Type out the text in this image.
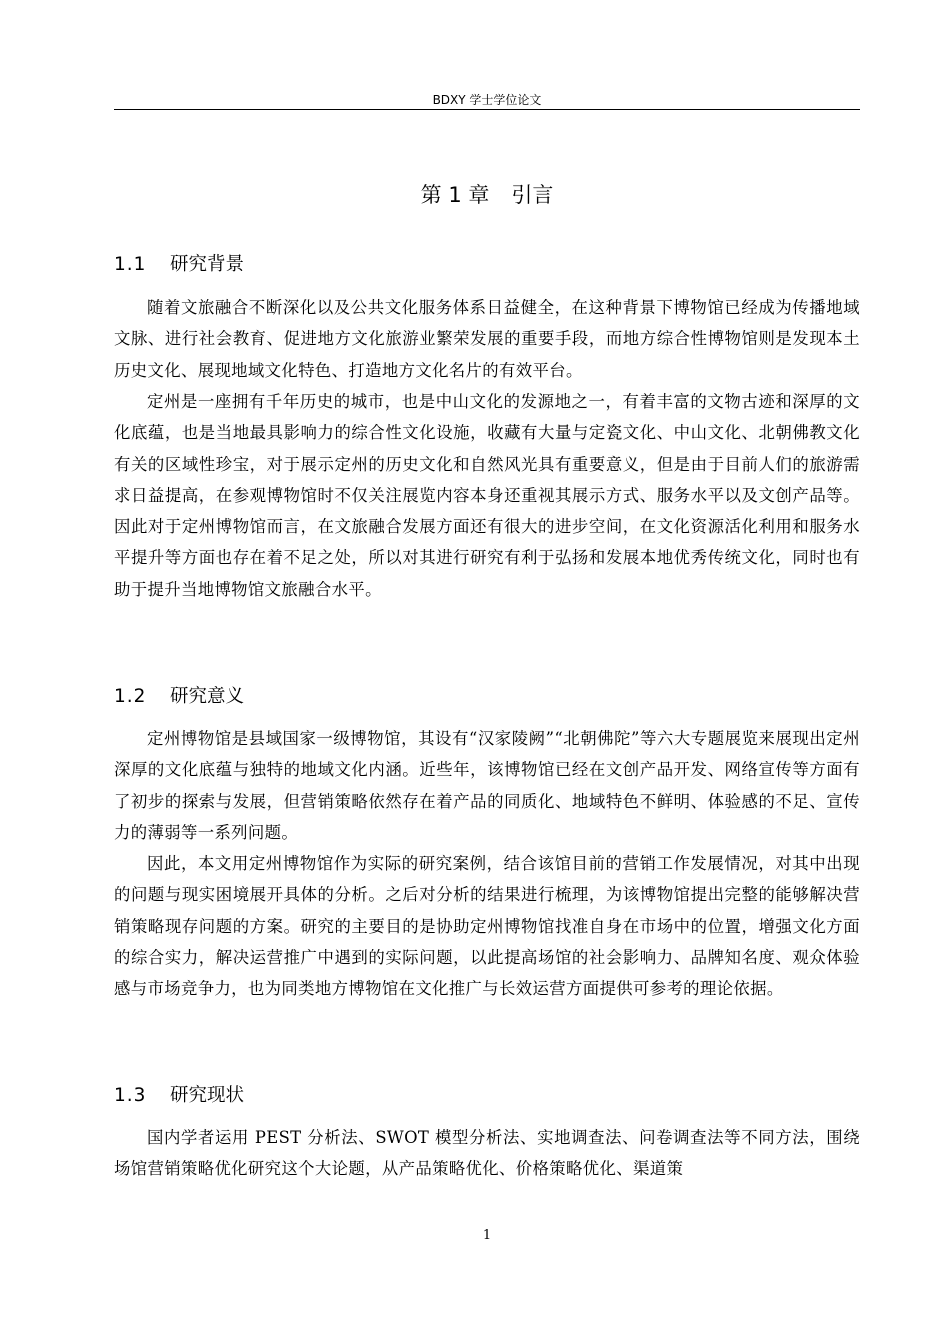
BDXY 学士学位论文
第 1 章 引言
1.1 研究背景

随着文旅融合不断深化以及公共文化服务体系日益健全，在这种背景下博物馆已经成为传播地域文脉、进行社会教育、促进地方文化旅游业繁荣发展的重要手段，而地方综合性博物馆则是发现本土历史文化、展现地域文化特色、打造地方文化名片的有效平台。

定州是一座拥有千年历史的城市，也是中山文化的发源地之一，有着丰富的文物古迹和深厚的文化底蕴，也是当地最具影响力的综合性文化设施，收藏有大量与定瓷文化、中山文化、北朝佛教文化有关的区域性珍宝，对于展示定州的历史文化和自然风光具有重要意义，但是由于目前人们的旅游需求日益提高，在参观博物馆时不仅关注展览内容本身还重视其展示方式、服务水平以及文创产品等。因此对于定州博物馆而言，在文旅融合发展方面还有很大的进步空间，在文化资源活化利用和服务水平提升等方面也存在着不足之处，所以对其进行研究有利于弘扬和发展本地优秀传统文化，同时也有助于提升当地博物馆文旅融合水平。

1.2 研究意义

定州博物馆是县域国家一级博物馆，其设有“汉家陵阙”“北朝佛陀”等六大专题展览来展现出定州深厚的文化底蕴与独特的地域文化内涵。近些年，该博物馆已经在文创产品开发、网络宣传等方面有了初步的探索与发展，但营销策略依然存在着产品的同质化、地域特色不鲜明、体验感的不足、宣传力的薄弱等一系列问题。

因此，本文用定州博物馆作为实际的研究案例，结合该馆目前的营销工作发展情况，对其中出现的问题与现实困境展开具体的分析。之后对分析的结果进行梳理，为该博物馆提出完整的能够解决营销策略现存问题的方案。研究的主要目的是协助定州博物馆找准自身在市场中的位置，增强文化方面的综合实力，解决运营推广中遇到的实际问题，以此提高场馆的社会影响力、品牌知名度、观众体验感与市场竞争力，也为同类地方博物馆在文化推广与长效运营方面提供可参考的理论依据。

1.3 研究现状

国内学者运用 PEST 分析法、SWOT 模型分析法、实地调查法、问卷调查法等不同方法，围绕场馆营销策略优化研究这个大论题，从产品策略优化、价格策略优化、渠道策

1
